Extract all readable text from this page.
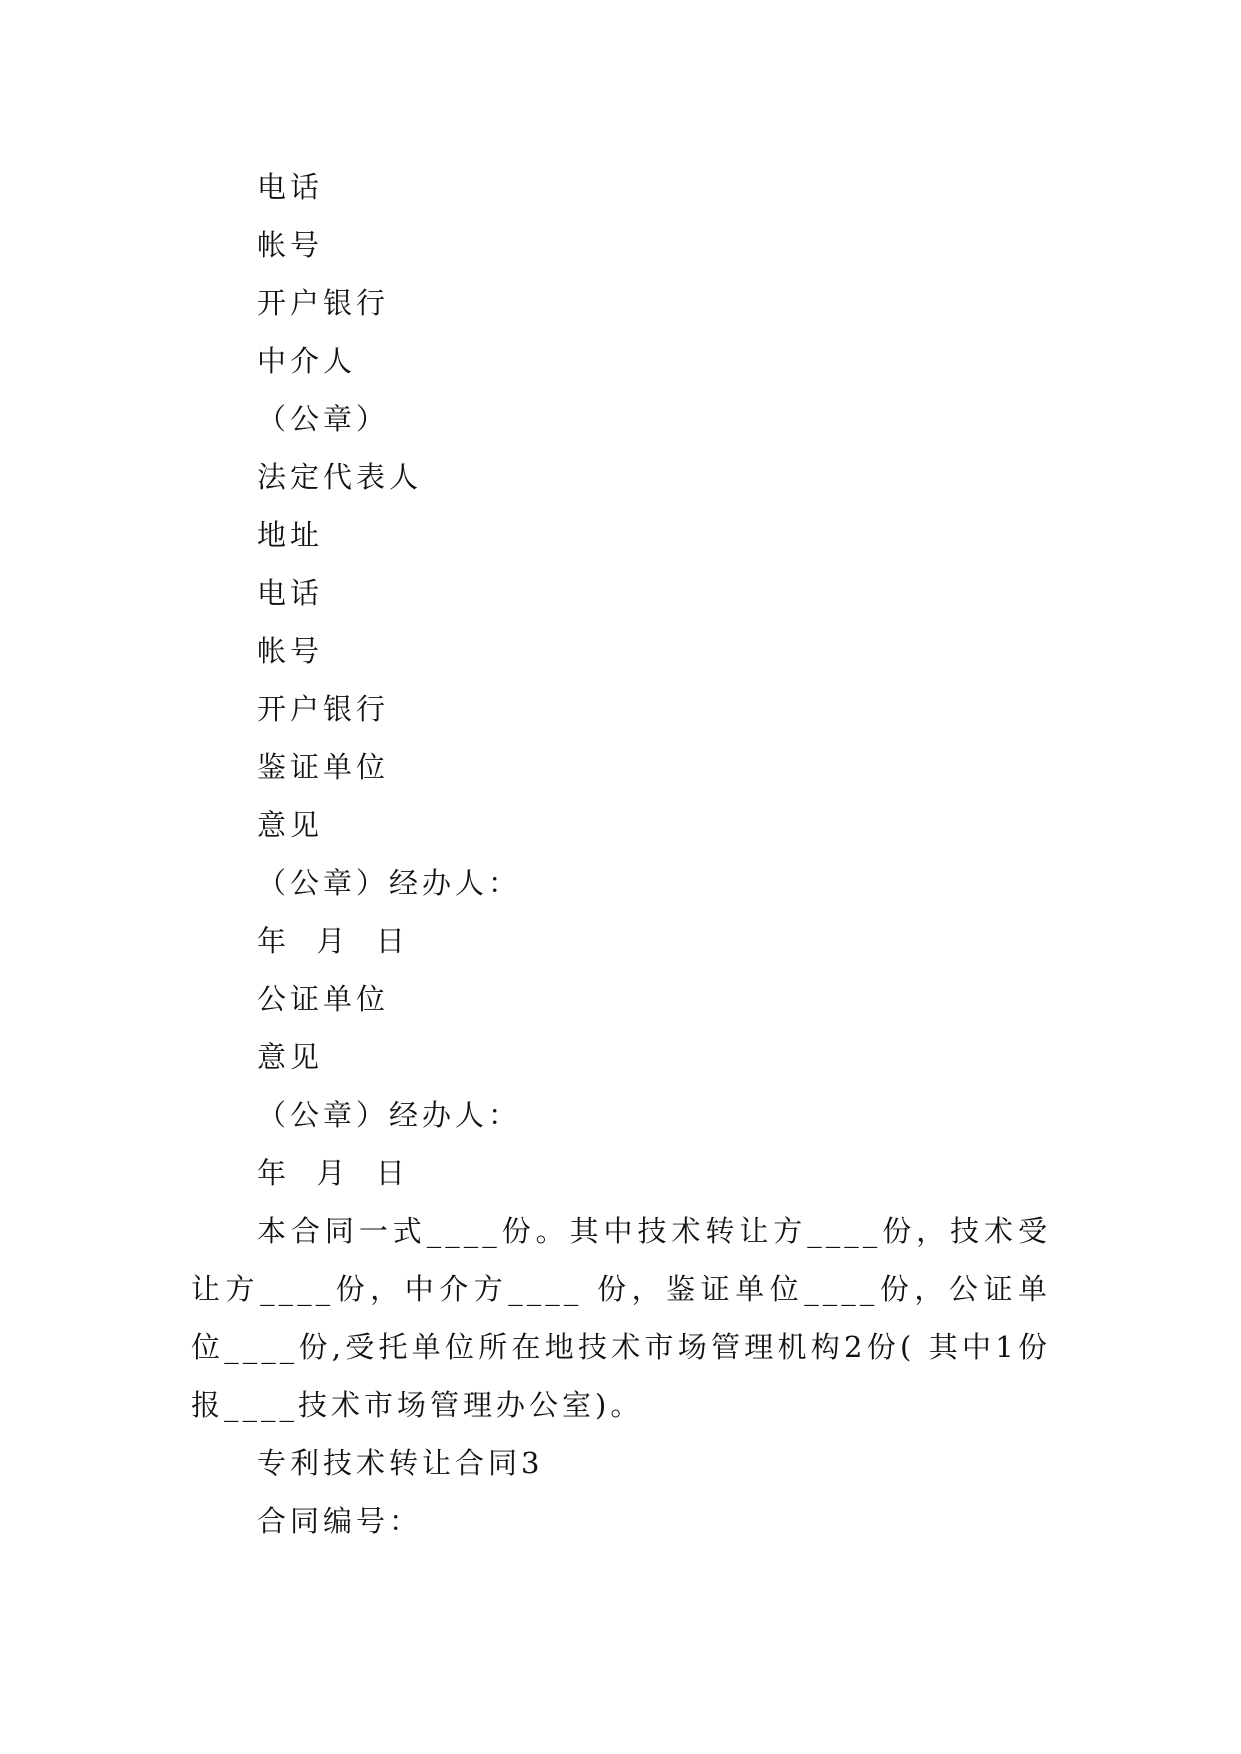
电话
帐号
开户银行
中介人
（公章）
法定代表人
地址
电话
帐号
开户银行
鉴证单位
意见
（公章）经办人：
年  月  日
公证单位
意见
（公章）经办人：
年  月  日
本合同一式____份。其中技术转让方____份，技术受让方____份，中介方____ 份，鉴证单位____份，公证单位____份,受托单位所在地技术市场管理机构2份( 其中1份报____技术市场管理办公室)。
专利技术转让合同3
合同编号：
